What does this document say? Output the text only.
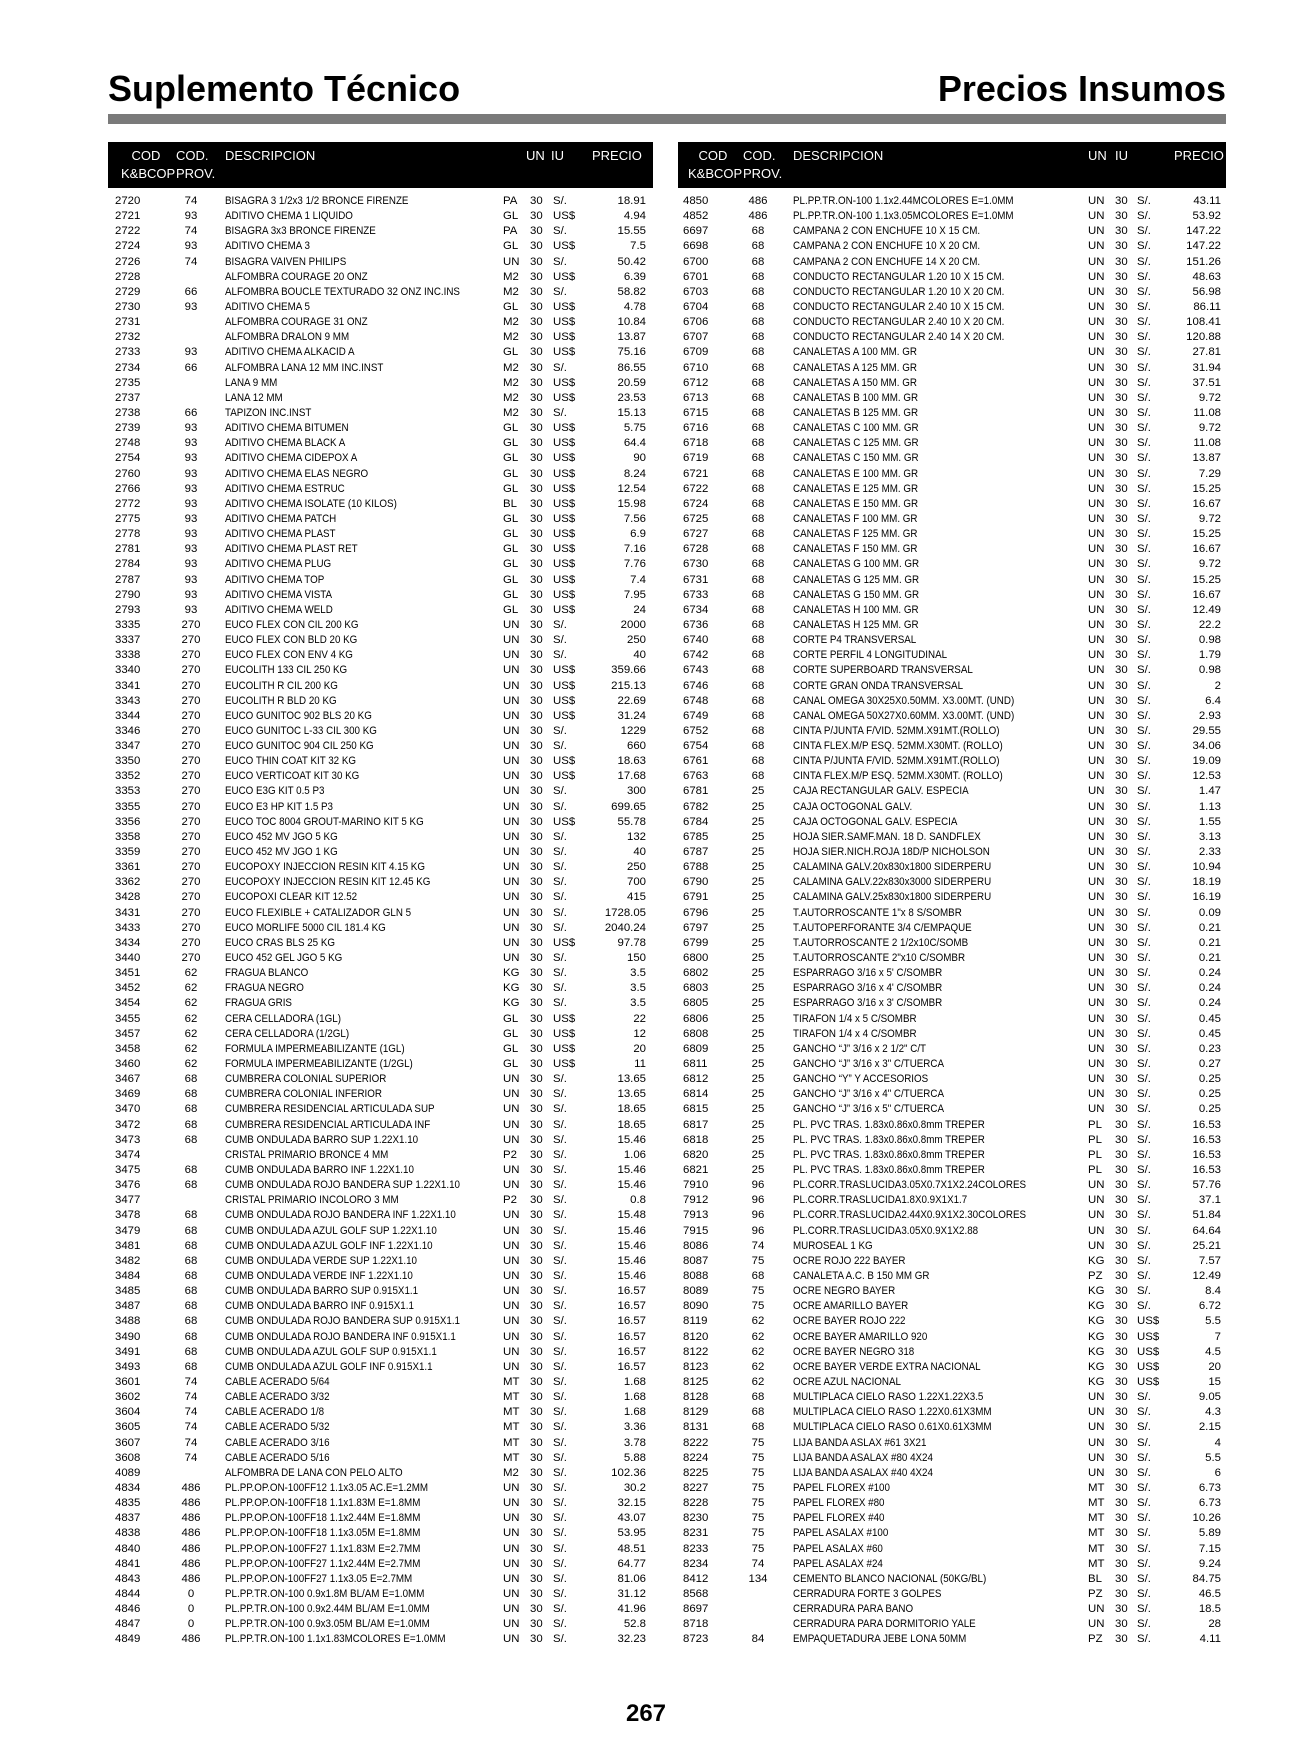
Suplemento Técnico	Precios Insumos
COD
K&BCOP
COD.
PROV.
DESCRIPCION	UN IU PRECIO
2720	74	BISAGRA 3 1/2x3 1/2 BRONCE FIRENZE	PA 30 S/.	18.91
2721	93	ADITIVO CHEMA 1 LIQUIDO	GL 30 US$	4.94
2722	74	BISAGRA 3x3 BRONCE FIRENZE	PA 30 S/.	15.55
2724	93	ADITIVO CHEMA 3	GL 30 US$	7.5
2726	74	BISAGRA VAIVEN PHILIPS	UN 30 S/.	50.42
2728	ALFOMBRA COURAGE 20 ONZ	M2 30 US$	6.39
2729	66	ALFOMBRA BOUCLE TEXTURADO 32 ONZ INC.INS	M2 30 S/.	58.82
2730	93	ADITIVO CHEMA 5	GL 30 US$	4.78
2731	ALFOMBRA COURAGE 31 ONZ	M2 30 US$	10.84
2732	ALFOMBRA DRALON 9 MM	M2 30 US$	13.87
2733	93	ADITIVO CHEMA ALKACID A	GL 30 US$	75.16
2734	66	ALFOMBRA LANA 12 MM INC.INST	M2 30 S/.	86.55
2735	LANA 9 MM	M2 30 US$	20.59
2737	LANA 12 MM	M2 30 US$	23.53
2738	66	TAPIZON INC.INST	M2 30 S/.	15.13
2739	93	ADITIVO CHEMA BITUMEN	GL 30 US$	5.75
2748	93	ADITIVO CHEMA BLACK A	GL 30 US$	64.4
2754	93	ADITIVO CHEMA CIDEPOX A	GL 30 US$	90
2760	93	ADITIVO CHEMA ELAS NEGRO	GL 30 US$	8.24
2766	93	ADITIVO CHEMA ESTRUC	GL 30 US$	12.54
2772	93	ADITIVO CHEMA ISOLATE (10 KILOS)	BL 30 US$	15.98
2775	93	ADITIVO CHEMA PATCH	GL 30 US$	7.56
2778	93	ADITIVO CHEMA PLAST	GL 30 US$	6.9
2781	93	ADITIVO CHEMA PLAST RET	GL 30 US$	7.16
2784	93	ADITIVO CHEMA PLUG	GL 30 US$	7.76
2787	93	ADITIVO CHEMA TOP	GL 30 US$	7.4
2790	93	ADITIVO CHEMA VISTA	GL 30 US$	7.95
2793	93	ADITIVO CHEMA WELD	GL 30 US$	24
3335	270	EUCO FLEX CON CIL 200 KG	UN 30 S/.	2000
3337	270	EUCO FLEX CON BLD 20 KG	UN 30 S/.	250
3338	270	EUCO FLEX CON ENV 4 KG	UN 30 S/.	40
3340	270	EUCOLITH 133 CIL 250 KG	UN 30 US$	359.66
3341	270	EUCOLITH R CIL 200 KG	UN 30 US$	215.13
3343	270	EUCOLITH R BLD 20 KG	UN 30 US$	22.69
3344	270	EUCO GUNITOC 902 BLS 20 KG	UN 30 US$	31.24
3346	270	EUCO GUNITOC L-33 CIL 300 KG	UN 30 S/.	1229
3347	270	EUCO GUNITOC 904 CIL 250 KG	UN 30 S/.	660
3350	270	EUCO THIN COAT KIT 32 KG	UN 30 US$	18.63
3352	270	EUCO VERTICOAT KIT 30 KG	UN 30 US$	17.68
3353	270	EUCO E3G KIT 0.5 P3	UN 30 S/.	300
3355	270	EUCO E3 HP KIT 1.5 P3	UN 30 S/.	699.65
3356	270	EUCO TOC 8004 GROUT-MARINO KIT 5 KG	UN 30 US$	55.78
3358	270	EUCO 452 MV JGO 5 KG	UN 30 S/.	132
3359	270	EUCO 452 MV JGO 1 KG	UN 30 S/.	40
3361	270	EUCOPOXY INJECCION RESIN KIT 4.15 KG	UN 30 S/.	250
3362	270	EUCOPOXY INJECCION RESIN KIT 12.45 KG	UN 30 S/.	700
3428	270	EUCOPOXI CLEAR KIT 12.52	UN 30 S/.	415
3431	270	EUCO FLEXIBLE + CATALIZADOR GLN 5	UN 30 S/.	1728.05
3433	270	EUCO MORLIFE 5000 CIL 181.4 KG	UN 30 S/.	2040.24
3434	270	EUCO CRAS BLS 25 KG	UN 30 US$	97.78
3440	270	EUCO 452 GEL JGO 5 KG	UN 30 S/.	150
3451	62	FRAGUA BLANCO	KG 30 S/.	3.5
3452	62	FRAGUA NEGRO	KG 30 S/.	3.5
3454	62	FRAGUA GRIS	KG 30 S/.	3.5
3455	62	CERA CELLADORA (1GL)	GL 30 US$	22
3457	62	CERA CELLADORA (1/2GL)	GL 30 US$	12
3458	62	FORMULA IMPERMEABILIZANTE (1GL)	GL 30 US$	20
3460	62	FORMULA IMPERMEABILIZANTE (1/2GL)	GL 30 US$	11
3467	68	CUMBRERA COLONIAL SUPERIOR	UN 30 S/.	13.65
3469	68	CUMBRERA COLONIAL INFERIOR	UN 30 S/.	13.65
3470	68	CUMBRERA RESIDENCIAL ARTICULADA SUP	UN 30 S/.	18.65
3472	68	CUMBRERA RESIDENCIAL ARTICULADA INF	UN 30 S/.	18.65
3473	68	CUMB ONDULADA BARRO SUP 1.22X1.10	UN 30 S/.	15.46
3474	CRISTAL PRIMARIO BRONCE 4 MM	P2 30 S/.	1.06
3475	68	CUMB ONDULADA BARRO INF 1.22X1.10	UN 30 S/.	15.46
3476	68	CUMB ONDULADA ROJO BANDERA SUP 1.22X1.10	UN 30 S/.	15.46
3477	CRISTAL PRIMARIO INCOLORO 3 MM	P2 30 S/.	0.8
3478	68	CUMB ONDULADA ROJO BANDERA INF 1.22X1.10	UN 30 S/.	15.48
3479	68	CUMB ONDULADA AZUL GOLF SUP 1.22X1.10	UN 30 S/.	15.46
3481	68	CUMB ONDULADA AZUL GOLF INF 1.22X1.10	UN 30 S/.	15.46
3482	68	CUMB ONDULADA VERDE SUP 1.22X1.10	UN 30 S/.	15.46
3484	68	CUMB ONDULADA VERDE INF 1.22X1.10	UN 30 S/.	15.46
3485	68	CUMB ONDULADA BARRO SUP 0.915X1.1	UN 30 S/.	16.57
3487	68	CUMB ONDULADA BARRO INF 0.915X1.1	UN 30 S/.	16.57
3488	68	CUMB ONDULADA ROJO BANDERA SUP 0.915X1.1	UN 30 S/.	16.57
3490	68	CUMB ONDULADA ROJO BANDERA INF 0.915X1.1	UN 30 S/.	16.57
3491	68	CUMB ONDULADA AZUL GOLF SUP 0.915X1.1	UN 30 S/.	16.57
3493	68	CUMB ONDULADA AZUL GOLF INF 0.915X1.1	UN 30 S/.	16.57
3601	74	CABLE ACERADO 5/64	MT 30 S/.	1.68
3602	74	CABLE ACERADO 3/32	MT 30 S/.	1.68
3604	74	CABLE ACERADO 1/8	MT 30 S/.	1.68
3605	74	CABLE ACERADO 5/32	MT 30 S/.	3.36
3607	74	CABLE ACERADO 3/16	MT 30 S/.	3.78
3608	74	CABLE ACERADO 5/16	MT 30 S/.	5.88
4089	ALFOMBRA DE LANA CON PELO ALTO	M2 30 S/.	102.36
4834	486	PL.PP.OP.ON-100FF12 1.1x3.05 AC.E=1.2MM	UN 30 S/.	30.2
4835	486	PL.PP.OP.ON-100FF18 1.1x1.83M E=1.8MM	UN 30 S/.	32.15
4837	486	PL.PP.OP.ON-100FF18 1.1x2.44M E=1.8MM	UN 30 S/.	43.07
4838	486	PL.PP.OP.ON-100FF18 1.1x3.05M E=1.8MM	UN 30 S/.	53.95
4840	486	PL.PP.OP.ON-100FF27 1.1x1.83M E=2.7MM	UN 30 S/.	48.51
4841	486	PL.PP.OP.ON-100FF27 1.1x2.44M E=2.7MM	UN 30 S/.	64.77
4843	486	PL.PP.OP.ON-100FF27 1.1x3.05 E=2.7MM	UN 30 S/.	81.06
4844	0	PL.PP.TR.ON-100 0.9x1.8M BL/AM E=1.0MM	UN 30 S/.	31.12
4846	0	PL.PP.TR.ON-100 0.9x2.44M BL/AM E=1.0MM	UN 30 S/.	41.96
4847	0	PL.PP.TR.ON-100 0.9x3.05M BL/AM E=1.0MM	UN 30 S/.	52.8
4849	486	PL.PP.TR.ON-100 1.1x1.83MCOLORES E=1.0MM	UN 30 S/.	32.23
COD
K&BCOP
COD.
PROV.
DESCRIPCION	UN IU	PRECIO
4850	486	PL.PP.TR.ON-100 1.1x2.44MCOLORES E=1.0MM	UN 30 S/.	43.11
4852	486	PL.PP.TR.ON-100 1.1x3.05MCOLORES E=1.0MM	UN 30 S/.	53.92
6697	68	CAMPANA 2 CON ENCHUFE 10 X 15 CM.	UN 30 S/.	147.22
6698	68	CAMPANA 2 CON ENCHUFE 10 X 20 CM.	UN 30 S/.	147.22
6700	68	CAMPANA 2 CON ENCHUFE 14 X 20 CM.	UN 30 S/.	151.26
6701	68	CONDUCTO RECTANGULAR 1.20 10 X 15 CM.	UN 30 S/.	48.63
6703	68	CONDUCTO RECTANGULAR 1.20 10 X 20 CM.	UN 30 S/.	56.98
6704	68	CONDUCTO RECTANGULAR 2.40 10 X 15 CM.	UN 30 S/.	86.11
6706	68	CONDUCTO RECTANGULAR 2.40 10 X 20 CM.	UN 30 S/.	108.41
6707	68	CONDUCTO RECTANGULAR 2.40 14 X 20 CM.	UN 30 S/.	120.88
6709	68	CANALETAS A 100 MM. GR	UN 30 S/.	27.81
6710	68	CANALETAS A 125 MM. GR	UN 30 S/.	31.94
6712	68	CANALETAS A 150 MM. GR	UN 30 S/.	37.51
6713	68	CANALETAS B 100 MM. GR	UN 30 S/.	9.72
6715	68	CANALETAS B 125 MM. GR	UN 30 S/.	11.08
6716	68	CANALETAS C 100 MM. GR	UN 30 S/.	9.72
6718	68	CANALETAS C 125 MM. GR	UN 30 S/.	11.08
6719	68	CANALETAS C 150 MM. GR	UN 30 S/.	13.87
6721	68	CANALETAS E 100 MM. GR	UN 30 S/.	7.29
6722	68	CANALETAS E 125 MM. GR	UN 30 S/.	15.25
6724	68	CANALETAS E 150 MM. GR	UN 30 S/.	16.67
6725	68	CANALETAS F 100 MM. GR	UN 30 S/.	9.72
6727	68	CANALETAS F 125 MM. GR	UN 30 S/.	15.25
6728	68	CANALETAS F 150 MM. GR	UN 30 S/.	16.67
6730	68	CANALETAS G 100 MM. GR	UN 30 S/.	9.72
6731	68	CANALETAS G 125 MM. GR	UN 30 S/.	15.25
6733	68	CANALETAS G 150 MM. GR	UN 30 S/.	16.67
6734	68	CANALETAS H 100 MM. GR	UN 30 S/.	12.49
6736	68	CANALETAS H 125 MM. GR	UN 30 S/.	22.2
6740	68	CORTE P4 TRANSVERSAL	UN 30 S/.	0.98
6742	68	CORTE PERFIL 4 LONGITUDINAL	UN 30 S/.	1.79
6743	68	CORTE SUPERBOARD TRANSVERSAL	UN 30 S/.	0.98
6746	68	CORTE GRAN ONDA TRANSVERSAL	UN 30 S/.	2
6748	68	CANAL OMEGA 30X25X0.50MM. X3.00MT. (UND)	UN 30 S/.	6.4
6749	68	CANAL OMEGA 50X27X0.60MM. X3.00MT. (UND)	UN 30 S/.	2.93
6752	68	CINTA P/JUNTA F/VID. 52MM.X91MT.(ROLLO)	UN 30 S/.	29.55
6754	68	CINTA FLEX.M/P ESQ. 52MM.X30MT. (ROLLO)	UN 30 S/.	34.06
6761	68	CINTA P/JUNTA F/VID. 52MM.X91MT.(ROLLO)	UN 30 S/.	19.09
6763	68	CINTA FLEX.M/P ESQ. 52MM.X30MT. (ROLLO)	UN 30 S/.	12.53
6781	25	CAJA RECTANGULAR GALV. ESPECIA	UN 30 S/.	1.47
6782	25	CAJA OCTOGONAL GALV.	UN 30 S/.	1.13
6784	25	CAJA OCTOGONAL GALV. ESPECIA	UN 30 S/.	1.55
6785	25	HOJA SIER.SAMF.MAN. 18 D. SANDFLEX	UN 30 S/.	3.13
6787	25	HOJA SIER.NICH.ROJA 18D/P NICHOLSON	UN 30 S/.	2.33
6788	25	CALAMINA GALV.20x830x1800 SIDERPERU	UN 30 S/.	10.94
6790	25	CALAMINA GALV.22x830x3000 SIDERPERU	UN 30 S/.	18.19
6791	25	CALAMINA GALV.25x830x1800 SIDERPERU	UN 30 S/.	16.19
6796	25	T.AUTORROSCANTE 1"x 8 S/SOMBR	UN 30 S/.	0.09
6797	25	T.AUTOPERFORANTE 3/4 C/EMPAQUE	UN 30 S/.	0.21
6799	25	T.AUTORROSCANTE 2 1/2x10C/SOMB	UN 30 S/.	0.21
6800	25	T.AUTORROSCANTE 2"x10 C/SOMBR	UN 30 S/.	0.21
6802	25	ESPARRAGO 3/16 x 5' C/SOMBR	UN 30 S/.	0.24
6803	25	ESPARRAGO 3/16 x 4' C/SOMBR	UN 30 S/.	0.24
6805	25	ESPARRAGO 3/16 x 3' C/SOMBR	UN 30 S/.	0.24
6806	25	TIRAFON 1/4 x 5 C/SOMBR	UN 30 S/.	0.45
6808	25	TIRAFON 1/4 x 4 C/SOMBR	UN 30 S/.	0.45
6809	25	GANCHO “J” 3/16 x 2 1/2" C/T	UN 30 S/.	0.23
6811	25	GANCHO “J” 3/16 x 3" C/TUERCA	UN 30 S/.	0.27
6812	25	GANCHO “Y” Y ACCESORIOS	UN 30 S/.	0.25
6814	25	GANCHO “J” 3/16 x 4" C/TUERCA	UN 30 S/.	0.25
6815	25	GANCHO “J” 3/16 x 5" C/TUERCA	UN 30 S/.	0.25
6817	25	PL. PVC TRAS. 1.83x0.86x0.8mm TREPER	PL 30 S/.	16.53
6818	25	PL. PVC TRAS. 1.83x0.86x0.8mm TREPER	PL 30 S/.	16.53
6820	25	PL. PVC TRAS. 1.83x0.86x0.8mm TREPER	PL 30 S/.	16.53
6821	25	PL. PVC TRAS. 1.83x0.86x0.8mm TREPER	PL 30 S/.	16.53
7910	96	PL.CORR.TRASLUCIDA3.05X0.7X1X2.24COLORES	UN 30 S/.	57.76
7912	96	PL.CORR.TRASLUCIDA1.8X0.9X1X1.7	UN 30 S/.	37.1
7913	96	PL.CORR.TRASLUCIDA2.44X0.9X1X2.30COLORES	UN 30 S/.	51.84
7915	96	PL.CORR.TRASLUCIDA3.05X0.9X1X2.88	UN 30 S/.	64.64
8086	74	MUROSEAL 1 KG	UN 30 S/.	25.21
8087	75	OCRE ROJO 222 BAYER	KG 30 S/.	7.57
8088	68	CANALETA A.C. B 150 MM GR	PZ 30 S/.	12.49
8089	75	OCRE NEGRO BAYER	KG 30 S/.	8.4
8090	75	OCRE AMARILLO BAYER	KG 30 S/.	6.72
8119	62	OCRE BAYER ROJO 222	KG 30 US$	5.5
8120	62	OCRE BAYER AMARILLO 920	KG 30 US$	7
8122	62	OCRE BAYER NEGRO 318	KG 30 US$	4.5
8123	62	OCRE BAYER VERDE EXTRA NACIONAL	KG 30 US$	20
8125	62	OCRE AZUL NACIONAL	KG 30 US$	15
8128	68	MULTIPLACA CIELO RASO 1.22X1.22X3.5	UN 30 S/.	9.05
8129	68	MULTIPLACA CIELO RASO 1.22X0.61X3MM	UN 30 S/.	4.3
8131	68	MULTIPLACA CIELO RASO 0.61X0.61X3MM	UN 30 S/.	2.15
8222	75	LIJA BANDA ASLAX #61 3X21	UN 30 S/.	4
8224	75	LIJA BANDA ASALAX #80 4X24	UN 30 S/.	5.5
8225	75	LIJA BANDA ASALAX #40 4X24	UN 30 S/.	6
8227	75	PAPEL FLOREX #100	MT 30 S/.	6.73
8228	75	PAPEL FLOREX #80	MT 30 S/.	6.73
8230	75	PAPEL FLOREX #40	MT 30 S/.	10.26
8231	75	PAPEL ASALAX #100	MT 30 S/.	5.89
8233	75	PAPEL ASALAX #60	MT 30 S/.	7.15
8234	74	PAPEL ASALAX #24	MT 30 S/.	9.24
8412	134	CEMENTO BLANCO NACIONAL (50KG/BL)	BL 30 S/.	84.75
8568	CERRADURA FORTE 3 GOLPES	PZ 30 S/.	46.5
8697	CERRADURA PARA BANO	UN 30 S/.	18.5
8718	CERRADURA PARA DORMITORIO YALE	UN 30 S/.	28
8723	84	EMPAQUETADURA JEBE LONA 50MM	PZ 30 S/.	4.11
267
